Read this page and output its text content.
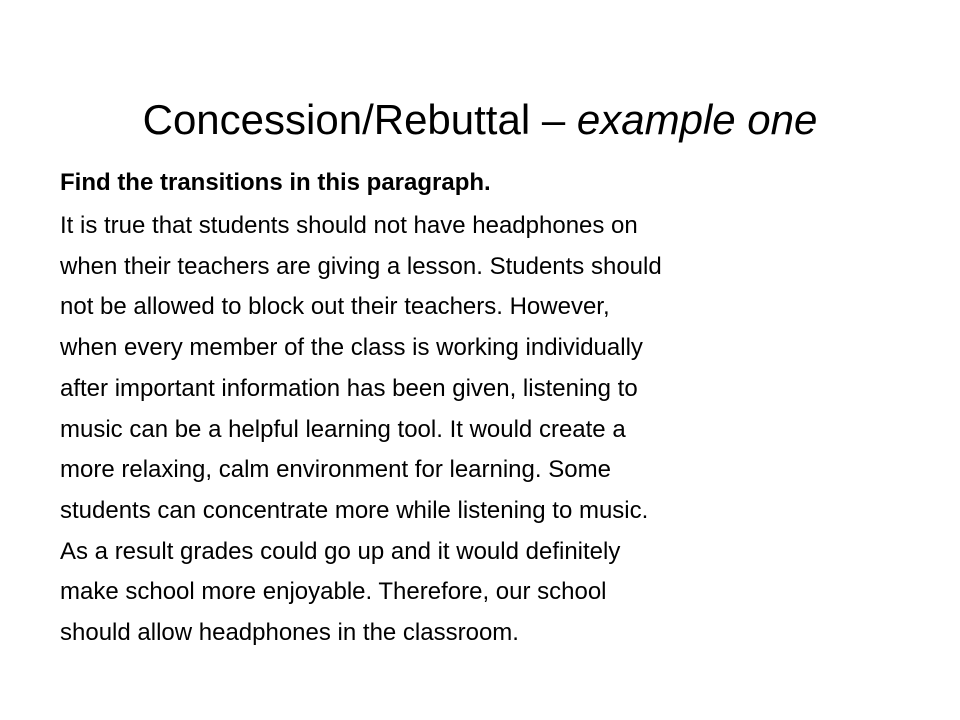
Concession/Rebuttal – example one

Find the transitions in this paragraph.

It is true that students should not have headphones on
when their teachers are giving a lesson. Students should
not be allowed to block out their teachers. However,
when every member of the class is working individually
after important information has been given, listening to
music can be a helpful learning tool. It would create a
more relaxing, calm environment for learning. Some
students can concentrate more while listening to music.
As a result grades could go up and it would definitely
make school more enjoyable. Therefore, our school
should allow headphones in the classroom.
